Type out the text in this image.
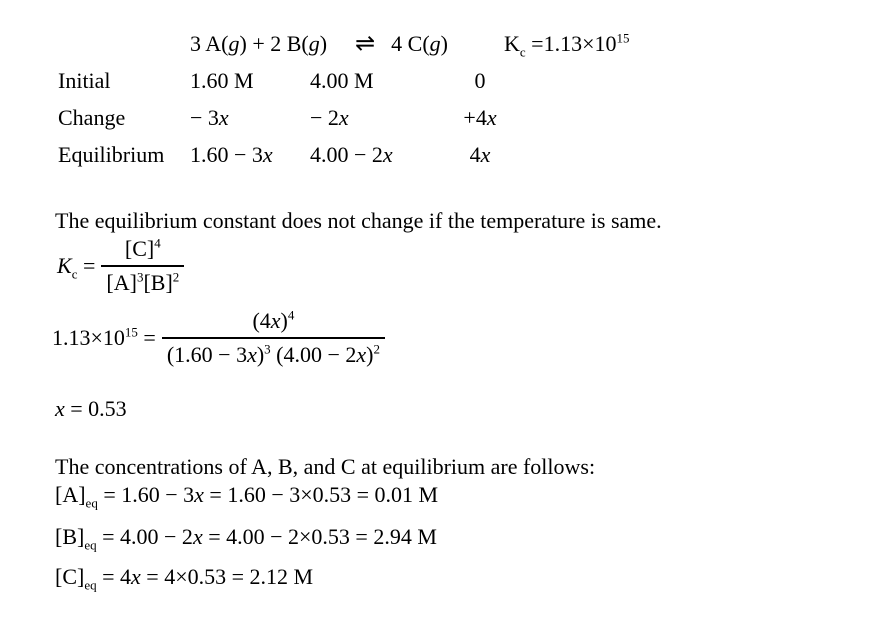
3 A(g) + 2 B(g) ⇌ 4 C(g)	$K_c =1.13\times 10^{15}$
Initial	1.60 M	4.00 M	0
Change	− 3x	− 2x	+4x
Equilibrium	1.60 − 3x	4.00 − 2x	4x
The equilibrium constant does not change if the temperature is same.
$K_c = \frac{[C]^4}{[A]^3[B]^2}$
$1.13\times 10^{15} = \frac{(4x)^4}{(1.60 - 3x)^3 (4.00 - 2x)^2}$
x = 0.53
The concentrations of A, B, and C at equilibrium are follows:
$[A]_{eq} = 1.60 - 3x = 1.60 - 3\times 0.53 = 0.01$ M
$[B]_{eq} = 4.00 - 2x = 4.00 - 2\times 0.53 = 2.94$ M
$[C]_{eq} = 4x = 4\times 0.53 = 2.12$ M
